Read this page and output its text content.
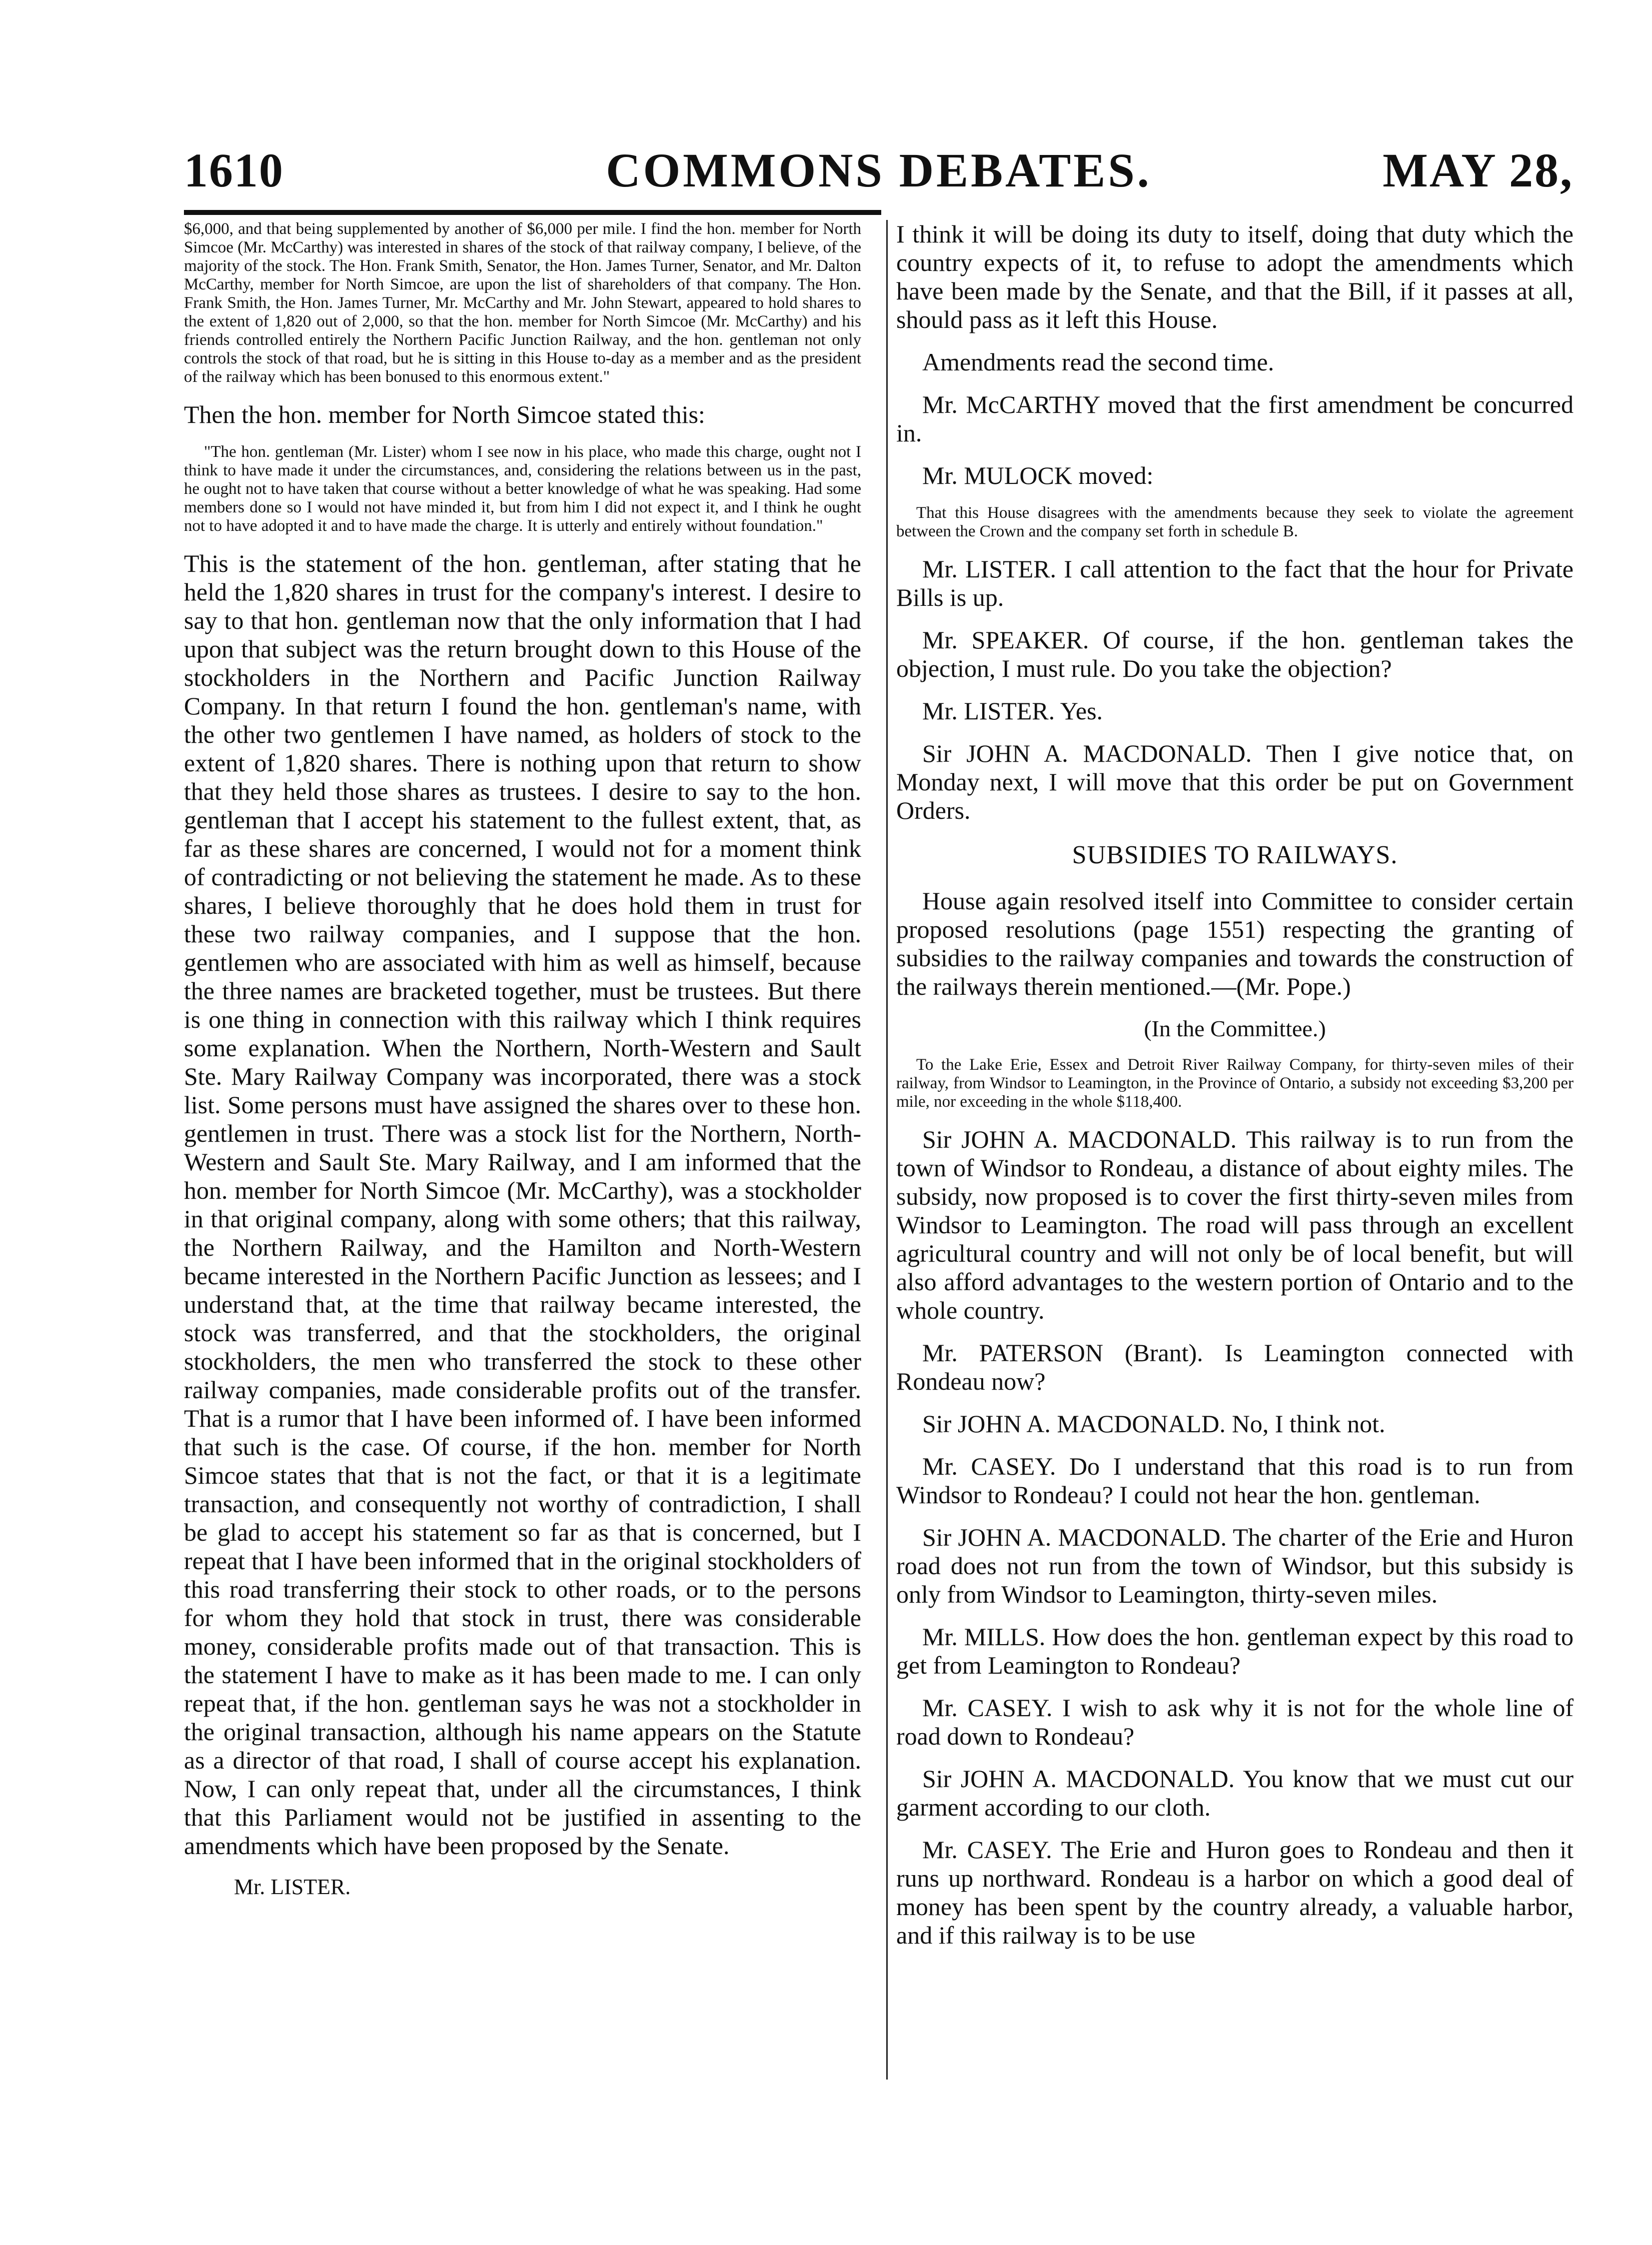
1610	COMMONS DEBATES.	MAY 28,

$6,000, and that being supplemented by another of $6,000 per mile. I find the hon. member for North Simcoe (Mr. McCarthy) was interested in shares of the stock of that railway company, I believe, of the majority of the stock. The Hon. Frank Smith, Senator, the Hon. James Turner, Senator, and Mr. Dalton McCarthy, member for North Simcoe, are upon the list of shareholders of that company. The Hon. Frank Smith, the Hon. James Turner, Mr. McCarthy and Mr. John Stewart, appeared to hold shares to the extent of 1,820 out of 2,000, so that the hon. member for North Simcoe (Mr. McCarthy) and his friends controlled entirely the Northern Pacific Junction Railway, and the hon. gentleman not only controls the stock of that road, but he is sitting in this House to-day as a member and as the president of the railway which has been bonused to this enormous extent."

Then the hon. member for North Simcoe stated this:

"The hon. gentleman (Mr. Lister) whom I see now in his place, who made this charge, ought not I think to have made it under the circumstances, and, considering the relations between us in the past, he ought not to have taken that course without a better knowledge of what he was speaking. Had some members done so I would not have minded it, but from him I did not expect it, and I think he ought not to have adopted it and to have made the charge. It is utterly and entirely without foundation."

This is the statement of the hon. gentleman, after stating that he held the 1,820 shares in trust for the company's interest. I desire to say to that hon. gentleman now that the only information that I had upon that subject was the return brought down to this House of the stockholders in the Northern and Pacific Junction Railway Company. In that return I found the hon. gentleman's name, with the other two gentlemen I have named, as holders of stock to the extent of 1,820 shares. There is nothing upon that return to show that they held those shares as trustees. I desire to say to the hon. gentleman that I accept his statement to the fullest extent, that, as far as these shares are concerned, I would not for a moment think of contradicting or not believing the statement he made. As to these shares, I believe thoroughly that he does hold them in trust for these two railway companies, and I suppose that the hon. gentlemen who are associated with him as well as himself, because the three names are bracketed together, must be trustees. But there is one thing in connection with this railway which I think requires some explanation. When the Northern, North-Western and Sault Ste. Mary Railway Company was incorporated, there was a stock list. Some persons must have assigned the shares over to these hon. gentlemen in trust. There was a stock list for the Northern, North-Western and Sault Ste. Mary Railway, and I am informed that the hon. member for North Simcoe (Mr. McCarthy), was a stockholder in that original company, along with some others; that this railway, the Northern Railway, and the Hamilton and North-Western became interested in the Northern Pacific Junction as lessees; and I understand that, at the time that railway became interested, the stock was transferred, and that the stockholders, the original stockholders, the men who transferred the stock to these other railway companies, made considerable profits out of the transfer. That is a rumor that I have been informed of. I have been informed that such is the case. Of course, if the hon. member for North Simcoe states that that is not the fact, or that it is a legitimate transaction, and consequently not worthy of contradiction, I shall be glad to accept his statement so far as that is concerned, but I repeat that I have been informed that in the original stockholders of this road transferring their stock to other roads, or to the persons for whom they hold that stock in trust, there was considerable money, considerable profits made out of that transaction. This is the statement I have to make as it has been made to me. I can only repeat that, if the hon. gentleman says he was not a stockholder in the original transaction, although his name appears on the Statute as a director of that road, I shall of course accept his explanation. Now, I can only repeat that, under all the circumstances, I think that this Parliament would not be justified in assenting to the amendments which have been proposed by the Senate.

Mr. LISTER.

I think it will be doing its duty to itself, doing that duty which the country expects of it, to refuse to adopt the amendments which have been made by the Senate, and that the Bill, if it passes at all, should pass as it left this House.

Amendments read the second time.

Mr. McCARTHY moved that the first amendment be concurred in.

Mr. MULOCK moved:

That this House disagrees with the amendments because they seek to violate the agreement between the Crown and the company set forth in schedule B.

Mr. LISTER. I call attention to the fact that the hour for Private Bills is up.

Mr. SPEAKER. Of course, if the hon. gentleman takes the objection, I must rule. Do you take the objection?

Mr. LISTER. Yes.

Sir JOHN A. MACDONALD. Then I give notice that, on Monday next, I will move that this order be put on Government Orders.

SUBSIDIES TO RAILWAYS.

House again resolved itself into Committee to consider certain proposed resolutions (page 1551) respecting the granting of subsidies to the railway companies and towards the construction of the railways therein mentioned.—(Mr. Pope.)

(In the Committee.)

To the Lake Erie, Essex and Detroit River Railway Company, for thirty-seven miles of their railway, from Windsor to Leamington, in the Province of Ontario, a subsidy not exceeding $3,200 per mile, nor exceeding in the whole $118,400.

Sir JOHN A. MACDONALD. This railway is to run from the town of Windsor to Rondeau, a distance of about eighty miles. The subsidy, now proposed is to cover the first thirty-seven miles from Windsor to Leamington. The road will pass through an excellent agricultural country and will not only be of local benefit, but will also afford advantages to the western portion of Ontario and to the whole country.

Mr. PATERSON (Brant). Is Leamington connected with Rondeau now?

Sir JOHN A. MACDONALD. No, I think not.

Mr. CASEY. Do I understand that this road is to run from Windsor to Rondeau? I could not hear the hon. gentleman.

Sir JOHN A. MACDONALD. The charter of the Erie and Huron road does not run from the town of Windsor, but this subsidy is only from Windsor to Leamington, thirty-seven miles.

Mr. MILLS. How does the hon. gentleman expect by this road to get from Leamington to Rondeau?

Mr. CASEY. I wish to ask why it is not for the whole line of road down to Rondeau?

Sir JOHN A. MACDONALD. You know that we must cut our garment according to our cloth.

Mr. CASEY. The Erie and Huron goes to Rondeau and then it runs up northward. Rondeau is a harbor on which a good deal of money has been spent by the country already, a valuable harbor, and if this railway is to be use
